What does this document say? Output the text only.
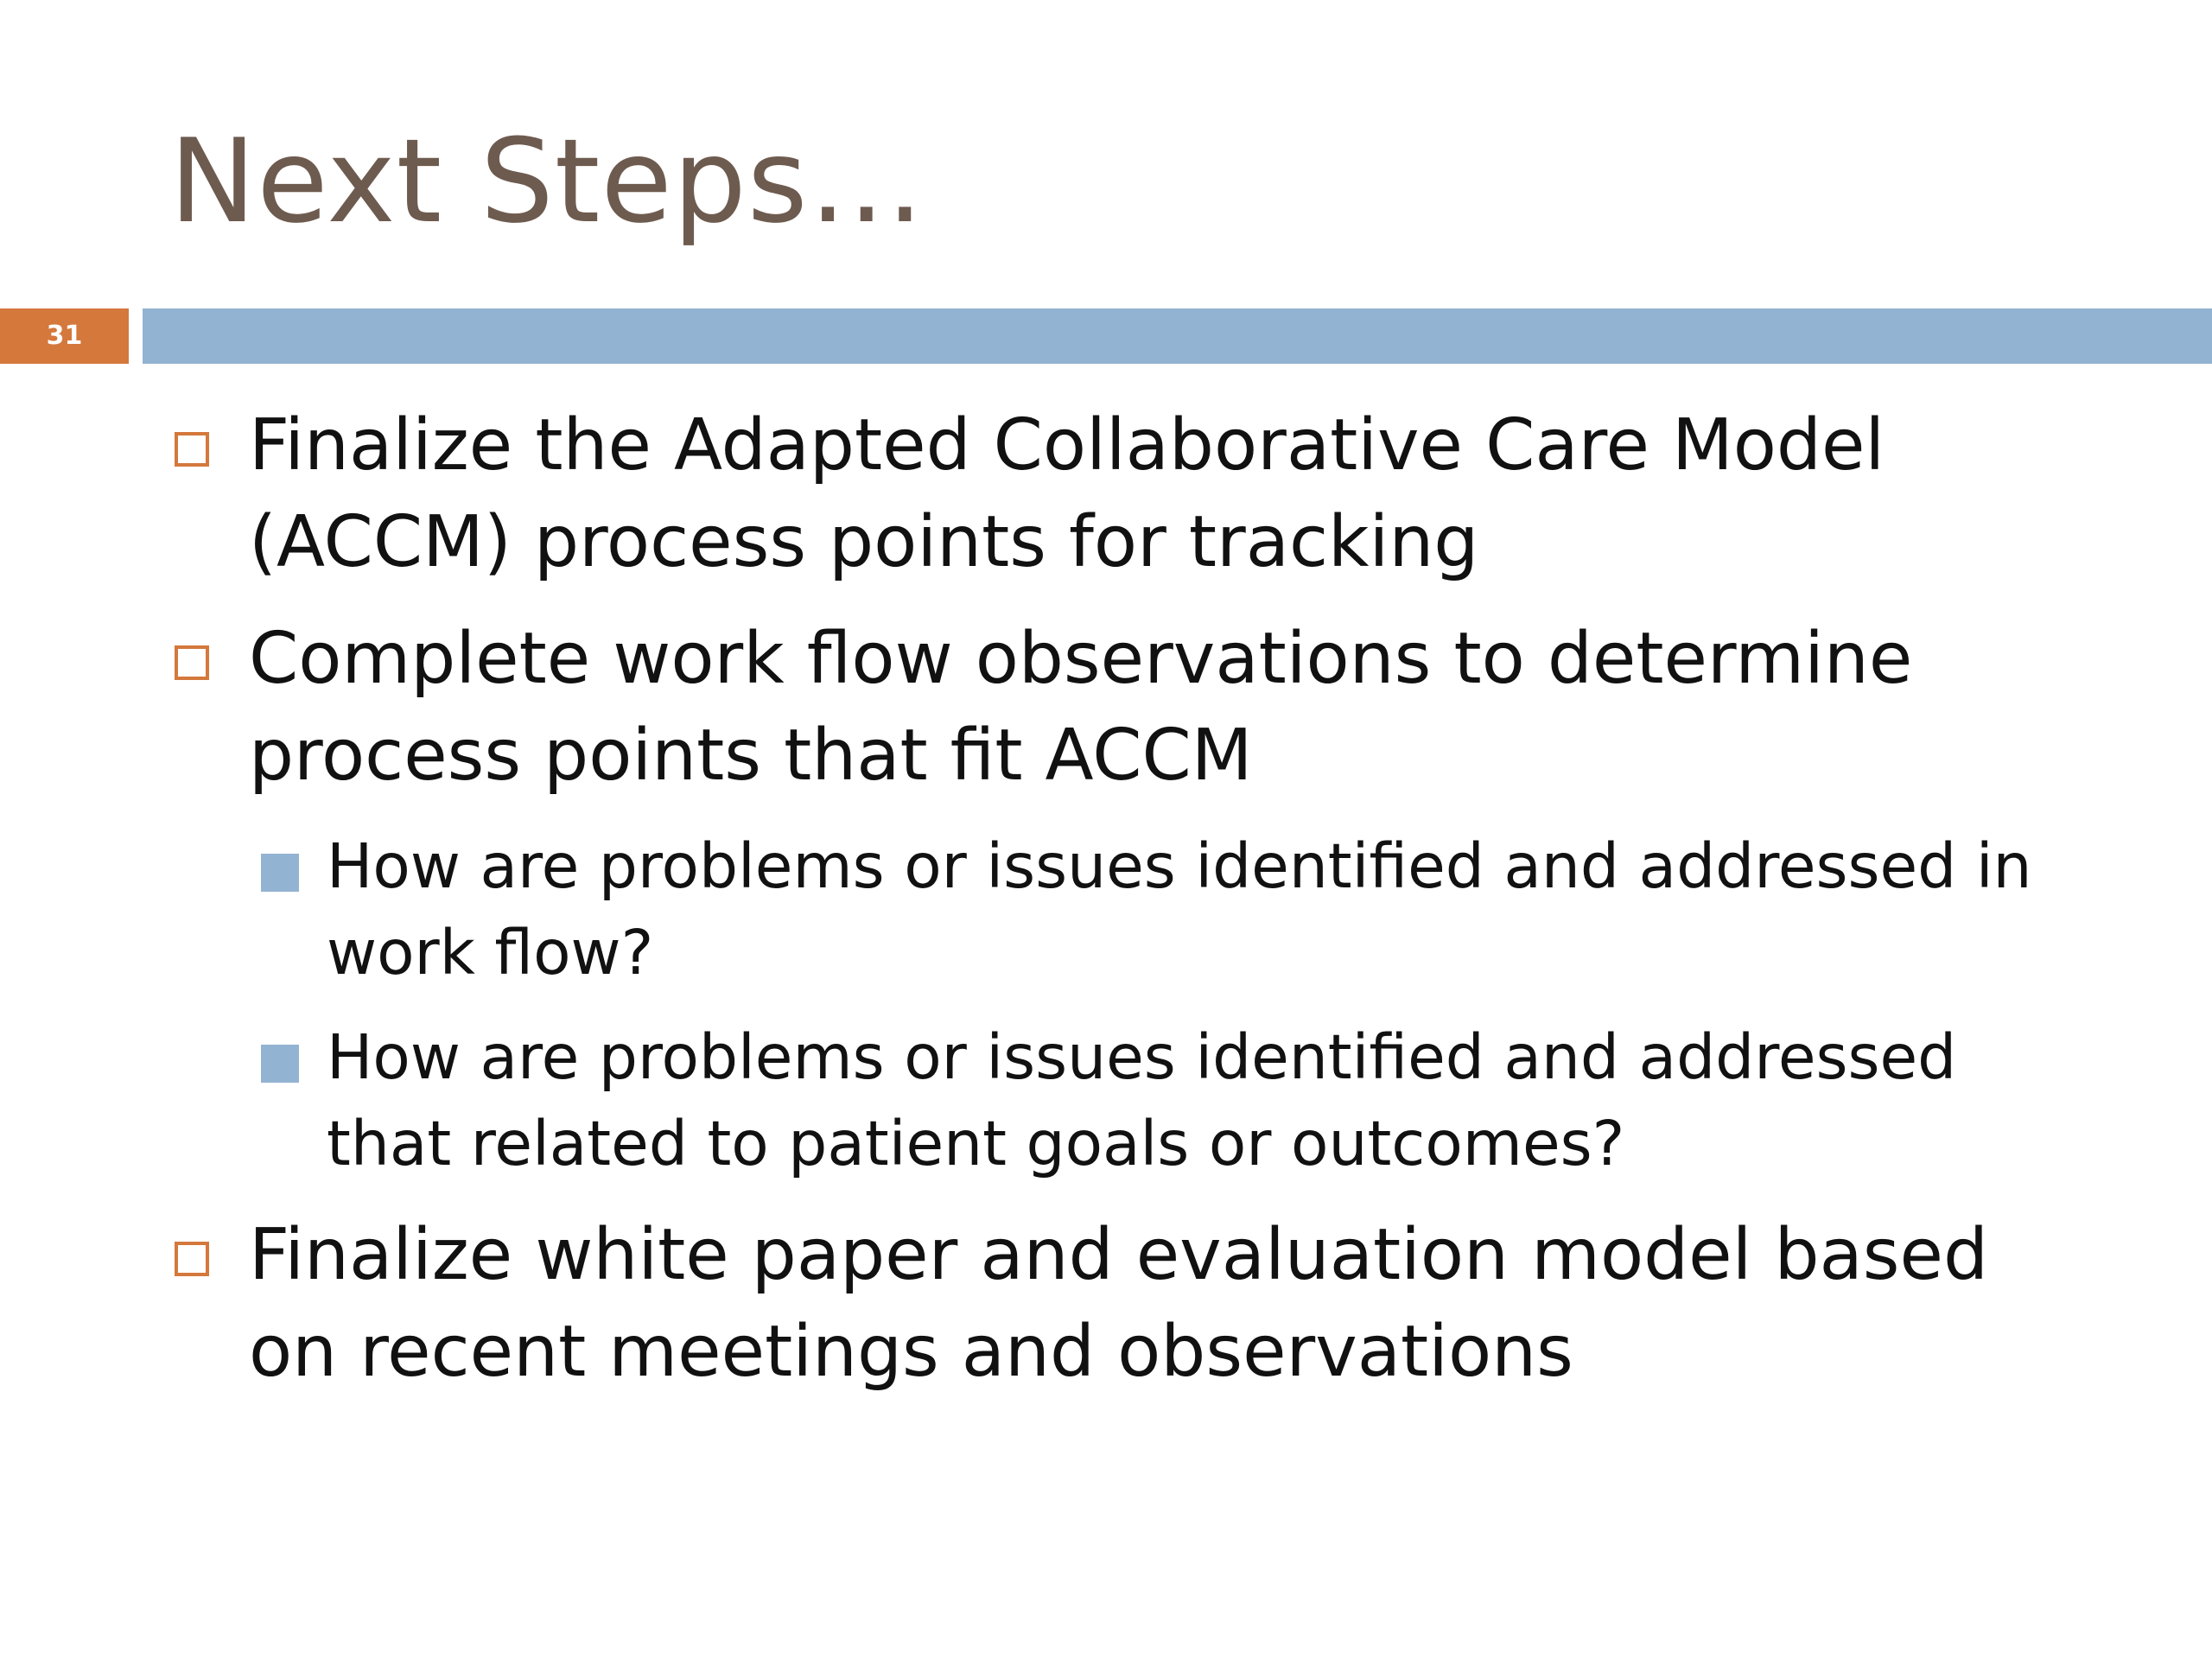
Next Steps…
31
Finalize the Adapted Collaborative Care Model
(ACCM) process points for tracking
Complete work flow observations to determine
process points that fit ACCM
How are problems or issues identified and addressed in
work flow?
How are problems or issues identified and addressed
that related to patient goals or outcomes?
Finalize white paper and evaluation model based
on recent meetings and observations
